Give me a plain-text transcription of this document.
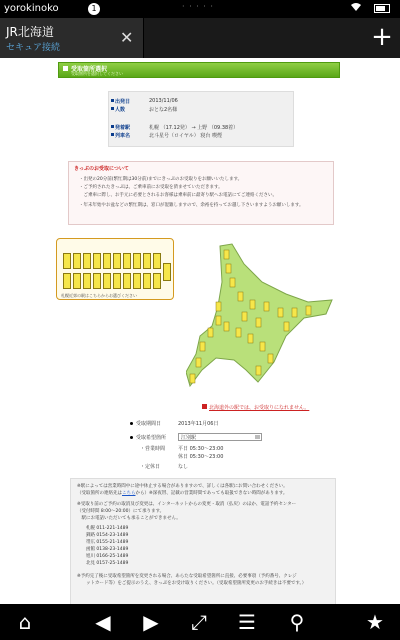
yorokinoko	1	· · · · ·
JR北海道
セキュア接続
✕	+
受取箇所選択
受取箇所を選択してください
出発日	2013/11/06
人数	おとな2名様
発着駅	札幌 （17.12発） → 上野 （09.38着）
列車名	北斗星号（ロイヤル） 寝台 喫煙
きっぷのお受取について
・出発の20分前(繁忙期は30分前)までにきっぷのお受取りをお願いいたします。
・ご予約されたきっぷは、ご乗車前にお受取を済ませていただきます。
　ご乗車に際し、お手元に必要とされるお客様は乗車前に最寄り駅へお電話にてご連絡ください。
・年末年始やお盆などの繁忙期は、窓口が混雑しますので、余裕を持ってお越し下さいますようお願いします。
札幌近郊の駅はこちらからお選びください
北海道外の駅では、お受取りになれません。
受取期間日	2013年11月06日
受取希望箇所	江別駅
・営業時間	平日 05:30～23:00
休日 05:30～23:00
・定休日	なし
※駅によっては営業時間中に途中休止する場合がありますので、詳しくは各駅にお問い合わせください。
（受取箇所の連絡先はこちらから）※深夜帯、記載の営業時間であっても取扱できない時間があります。
※受取り前のご予約の取消及び変更は、インターネットからの変更・取消（払戻）のほか、電話予約センター
（受付時間 8:00～20:00）にて承ります。
　駅にお電話いただいても承ることができません。
　　札幌 011-221-1489
　　釧路 0154-23-1489
　　帯広 0155-21-1489
　　函館 0138-23-1489
　　旭川 0166-25-1489
　　北見 0157-25-1489
※予約完了後に受取希望箇所を変更される場合、あらたな受取希望箇所に直接、必要事項（予約番号、クレジ
　　ットカード等）をご提示のうえ、きっぷをお受け取りください。（受取希望箇所変更のお手続きは不要です。）
⌂	◀ ▶ ⤢ ☰ ⚲	★
